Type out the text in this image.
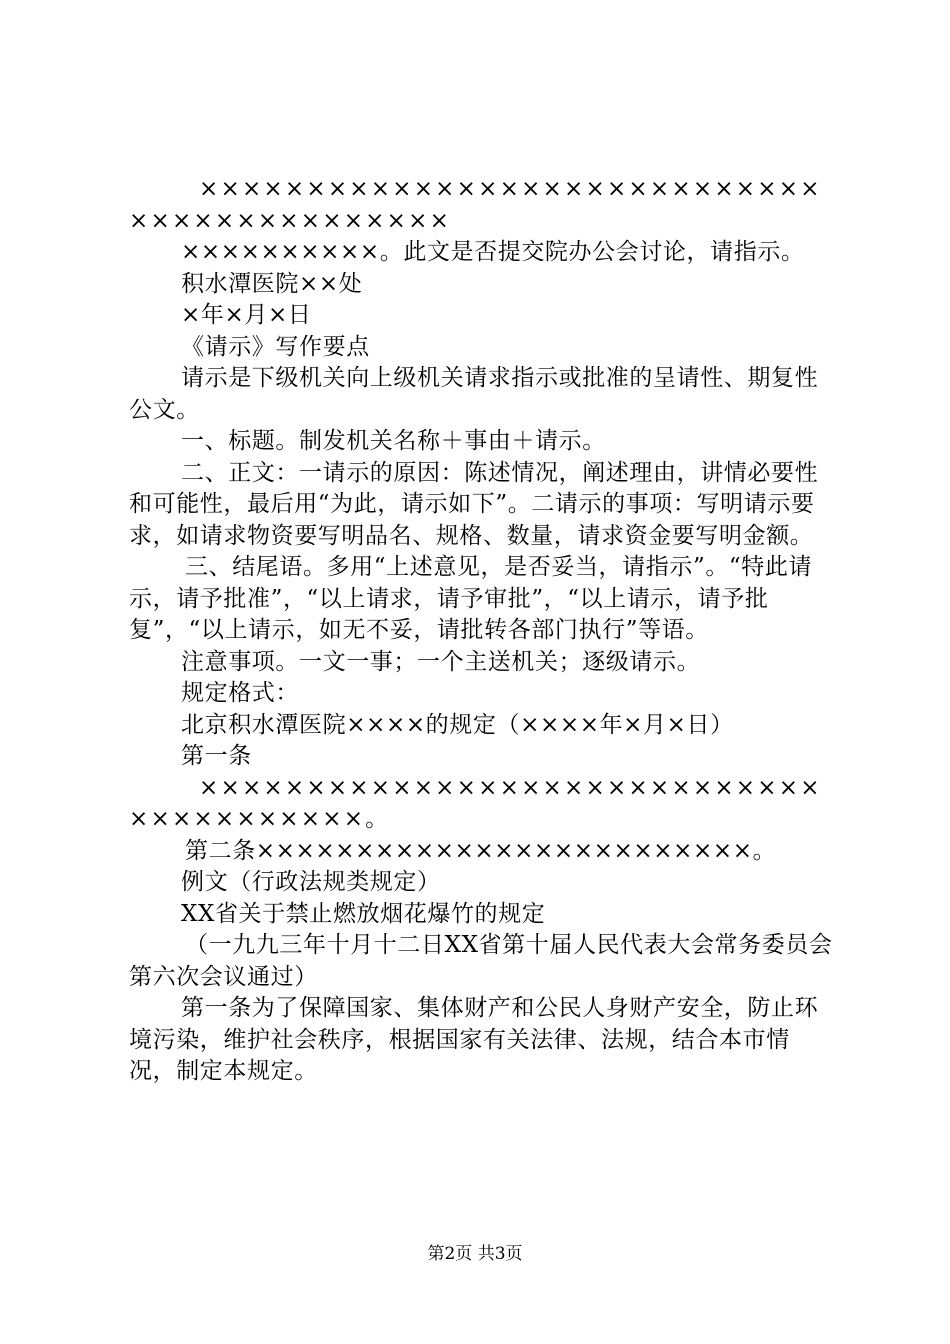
××××××××××××××××××××××××××××××××××××××××××××

××××××××××。此文是否提交院办公会讨论，请指示。

积水潭医院××处

×年×月×日

《请示》写作要点

请示是下级机关向上级机关请求指示或批准的呈请性、期复性公文。

一、标题。制发机关名称＋事由＋请示。

二、正文：一请示的原因：陈述情况，阐述理由，讲情必要性和可能性，最后用“为此，请示如下”。二请示的事项：写明请示要求，如请求物资要写明品名、规格、数量，请求资金要写明金额。

三、结尾语。多用“上述意见，是否妥当，请指示”。“特此请示，请予批准”，“以上请求，请予审批”，“以上请示，请予批复”，“以上请示，如无不妥，请批转各部门执行”等语。

注意事项。一文一事；一个主送机关；逐级请示。

规定格式：

北京积水潭医院××××的规定（××××年×月×日）

第一条

××××××××××××××××××××××××××××××××××××××××。

第二条×××××××××××××××××××××××××。

例文（行政法规类规定）

XX省关于禁止燃放烟花爆竹的规定

（一九九三年十月十二日XX省第十届人民代表大会常务委员会第六次会议通过）

第一条为了保障国家、集体财产和公民人身财产安全，防止环境污染，维护社会秩序，根据国家有关法律、法规，结合本市情况，制定本规定。

第2页 共3页
